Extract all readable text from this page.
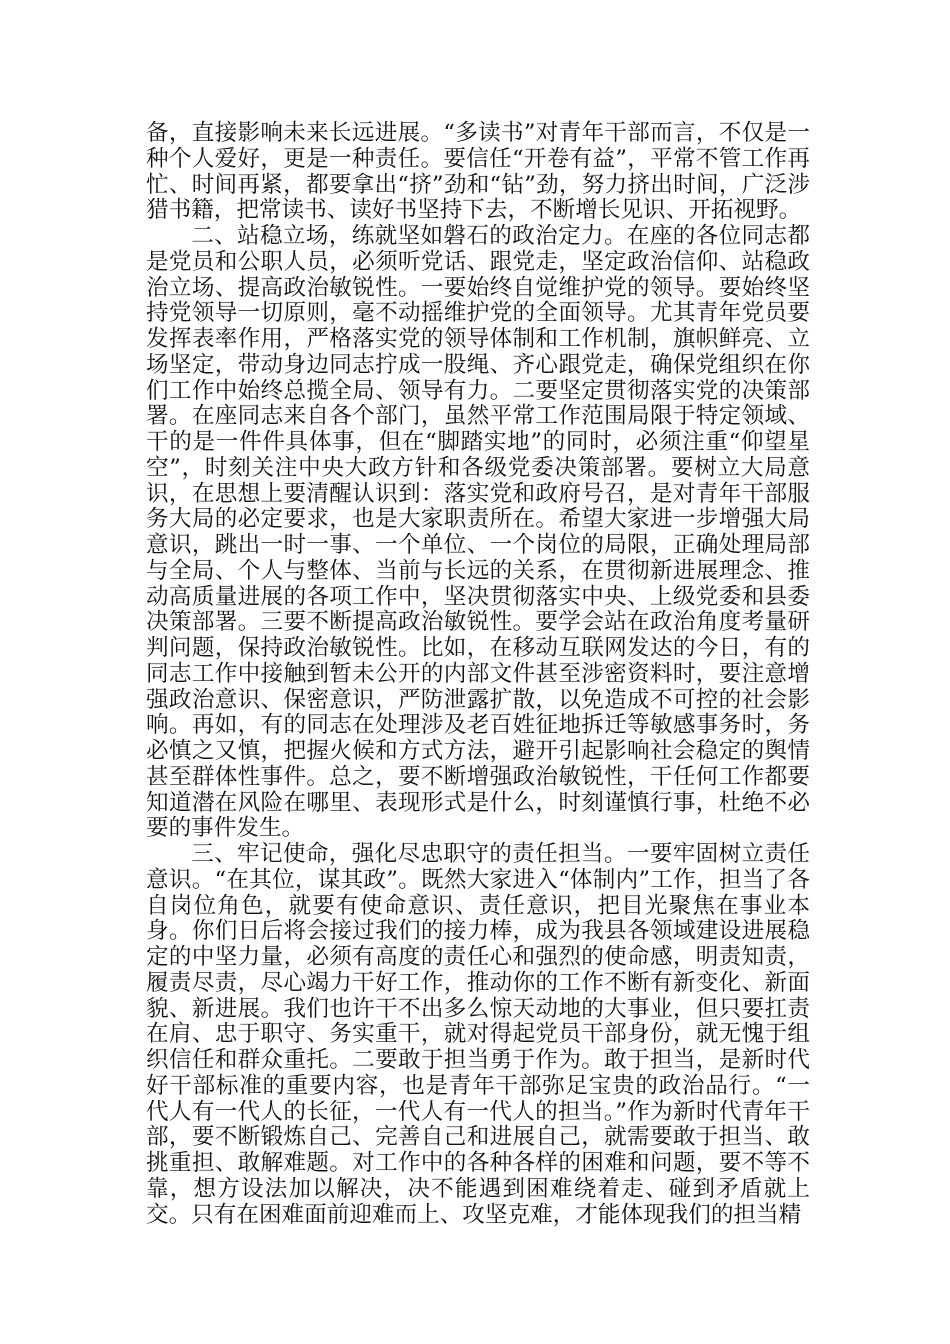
备，直接影响未来长远进展。“多读书”对青年干部而言，不仅是一种个人爱好，更是一种责任。要信任“开卷有益”，平常不管工作再忙、时间再紧，都要拿出“挤”劲和“钻”劲，努力挤出时间，广泛涉猎书籍，把常读书、读好书坚持下去，不断增长见识、开拓视野。

二、站稳立场，练就坚如磐石的政治定力。在座的各位同志都是党员和公职人员，必须听党话、跟党走，坚定政治信仰、站稳政治立场、提高政治敏锐性。一要始终自觉维护党的领导。要始终坚持党领导一切原则，毫不动摇维护党的全面领导。尤其青年党员要发挥表率作用，严格落实党的领导体制和工作机制，旗帜鲜亮、立场坚定，带动身边同志拧成一股绳、齐心跟党走，确保党组织在你们工作中始终总揽全局、领导有力。二要坚定贯彻落实党的决策部署。在座同志来自各个部门，虽然平常工作范围局限于特定领域、干的是一件件具体事，但在“脚踏实地”的同时，必须注重“仰望星空”，时刻关注中央大政方针和各级党委决策部署。要树立大局意识，在思想上要清醒认识到：落实党和政府号召，是对青年干部服务大局的必定要求，也是大家职责所在。希望大家进一步增强大局意识，跳出一时一事、一个单位、一个岗位的局限，正确处理局部与全局、个人与整体、当前与长远的关系，在贯彻新进展理念、推动高质量进展的各项工作中，坚决贯彻落实中央、上级党委和县委决策部署。三要不断提高政治敏锐性。要学会站在政治角度考量研判问题，保持政治敏锐性。比如，在移动互联网发达的今日，有的同志工作中接触到暂未公开的内部文件甚至涉密资料时，要注意增强政治意识、保密意识，严防泄露扩散，以免造成不可控的社会影响。再如，有的同志在处理涉及老百姓征地拆迁等敏感事务时，务必慎之又慎，把握火候和方式方法，避开引起影响社会稳定的舆情甚至群体性事件。总之，要不断增强政治敏锐性，干任何工作都要知道潜在风险在哪里、表现形式是什么，时刻谨慎行事，杜绝不必要的事件发生。

三、牢记使命，强化尽忠职守的责任担当。一要牢固树立责任意识。“在其位，谋其政”。既然大家进入“体制内”工作，担当了各自岗位角色，就要有使命意识、责任意识，把目光聚焦在事业本身。你们日后将会接过我们的接力棒，成为我县各领域建设进展稳定的中坚力量，必须有高度的责任心和强烈的使命感，明责知责，履责尽责，尽心竭力干好工作，推动你的工作不断有新变化、新面貌、新进展。我们也许干不出多么惊天动地的大事业，但只要扛责在肩、忠于职守、务实重干，就对得起党员干部身份，就无愧于组织信任和群众重托。二要敢于担当勇于作为。敢于担当，是新时代好干部标准的重要内容，也是青年干部弥足宝贵的政治品行。“一代人有一代人的长征，一代人有一代人的担当。”作为新时代青年干部，要不断锻炼自己、完善自己和进展自己，就需要敢于担当、敢挑重担、敢解难题。对工作中的各种各样的困难和问题，要不等不靠，想方设法加以解决，决不能遇到困难绕着走、碰到矛盾就上交。只有在困难面前迎难而上、攻坚克难，才能体现我们的担当精
